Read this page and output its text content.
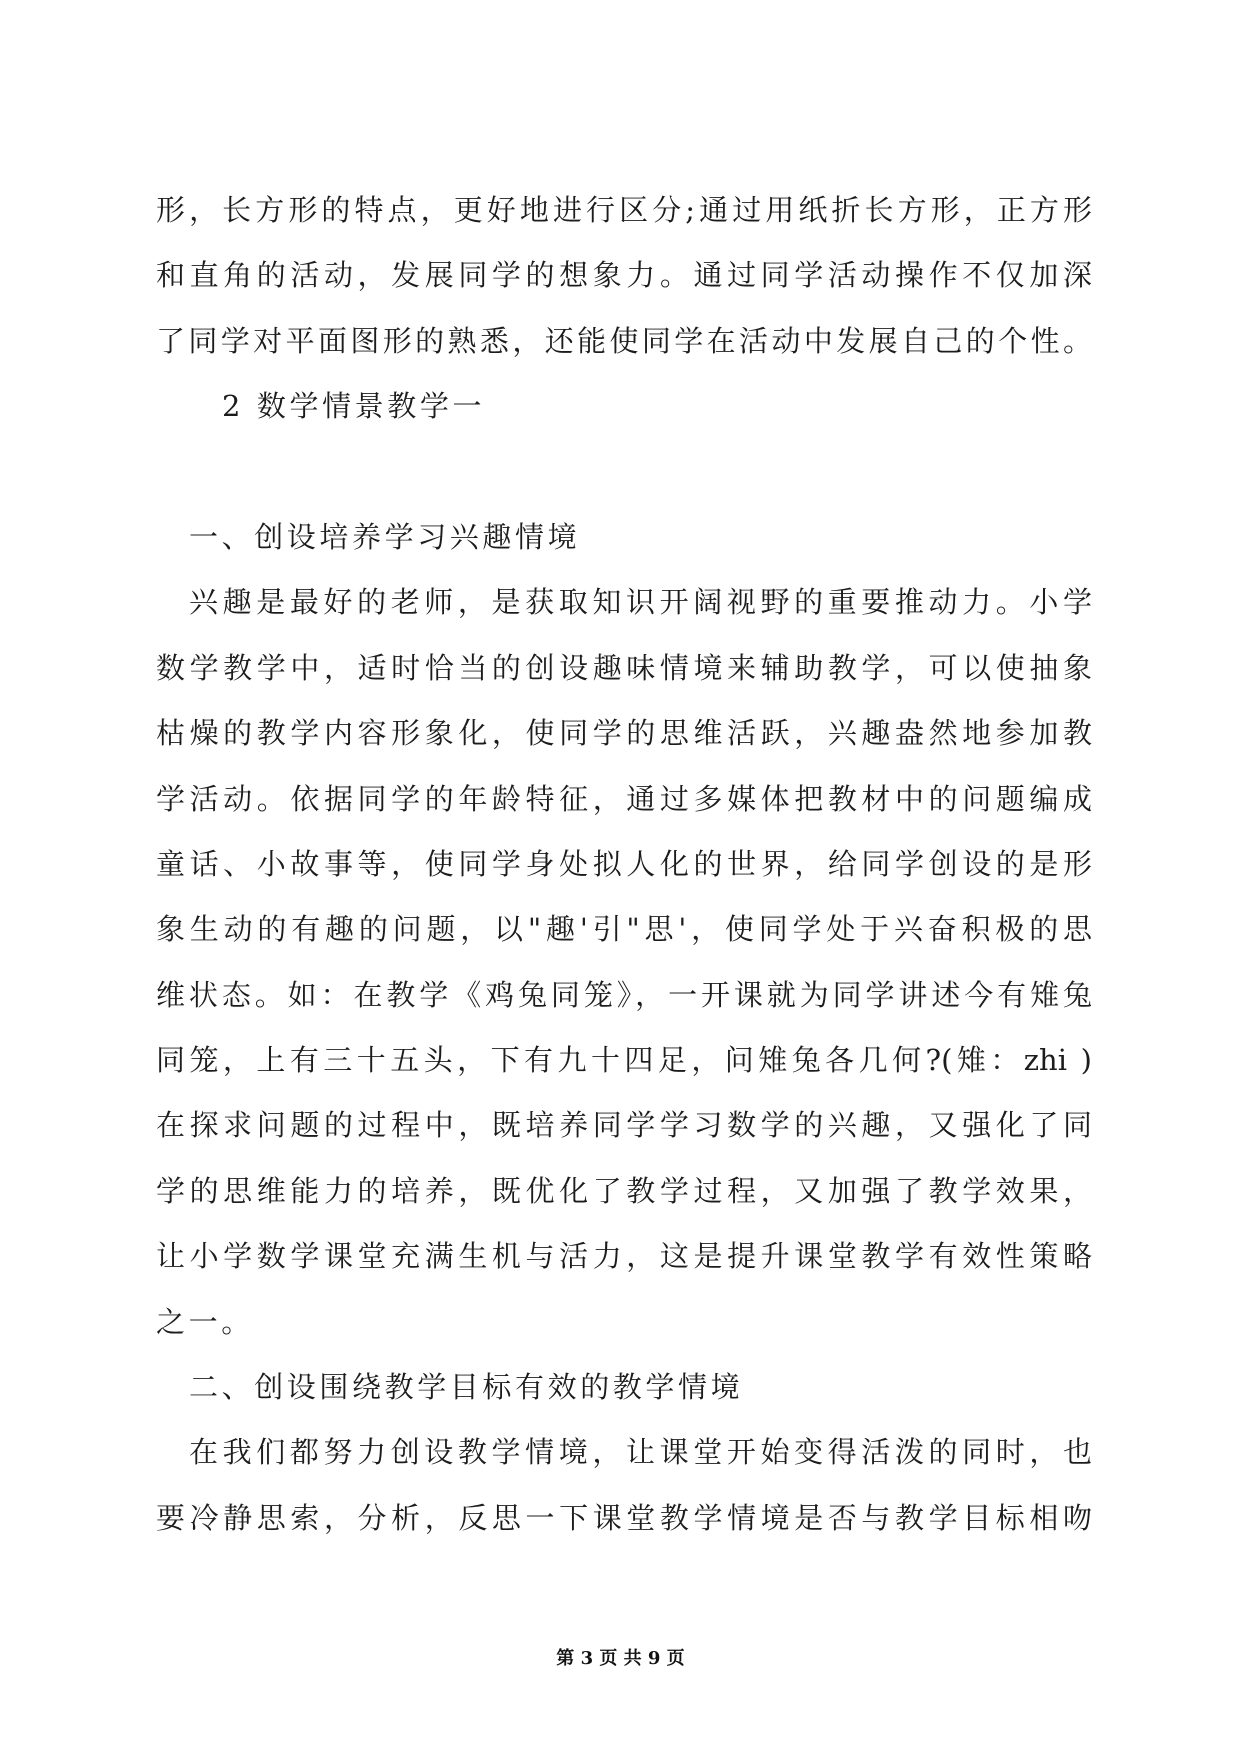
形，长方形的特点，更好地进行区分;通过用纸折长方形，正方形
和直角的活动，发展同学的想象力。通过同学活动操作不仅加深
了同学对平面图形的熟悉，还能使同学在活动中发展自己的个性。
2 数学情景教学一
一、创设培养学习兴趣情境
兴趣是最好的老师，是获取知识开阔视野的重要推动力。小学
数学教学中，适时恰当的创设趣味情境来辅助教学，可以使抽象
枯燥的教学内容形象化，使同学的思维活跃，兴趣盎然地参加教
学活动。依据同学的年龄特征，通过多媒体把教材中的问题编成
童话、小故事等，使同学身处拟人化的世界，给同学创设的是形
象生动的有趣的问题，以"趣'引"思'，使同学处于兴奋积极的思
维状态。如：在教学《鸡兔同笼》，一开课就为同学讲述今有雉兔
同笼，上有三十五头，下有九十四足，问雉兔各几何?(雉：zhi )
在探求问题的过程中，既培养同学学习数学的兴趣，又强化了同
学的思维能力的培养，既优化了教学过程，又加强了教学效果，
让小学数学课堂充满生机与活力，这是提升课堂教学有效性策略
之一。
二、创设围绕教学目标有效的教学情境
在我们都努力创设教学情境，让课堂开始变得活泼的同时，也
要冷静思索，分析，反思一下课堂教学情境是否与教学目标相吻
第 3 页 共 9 页
